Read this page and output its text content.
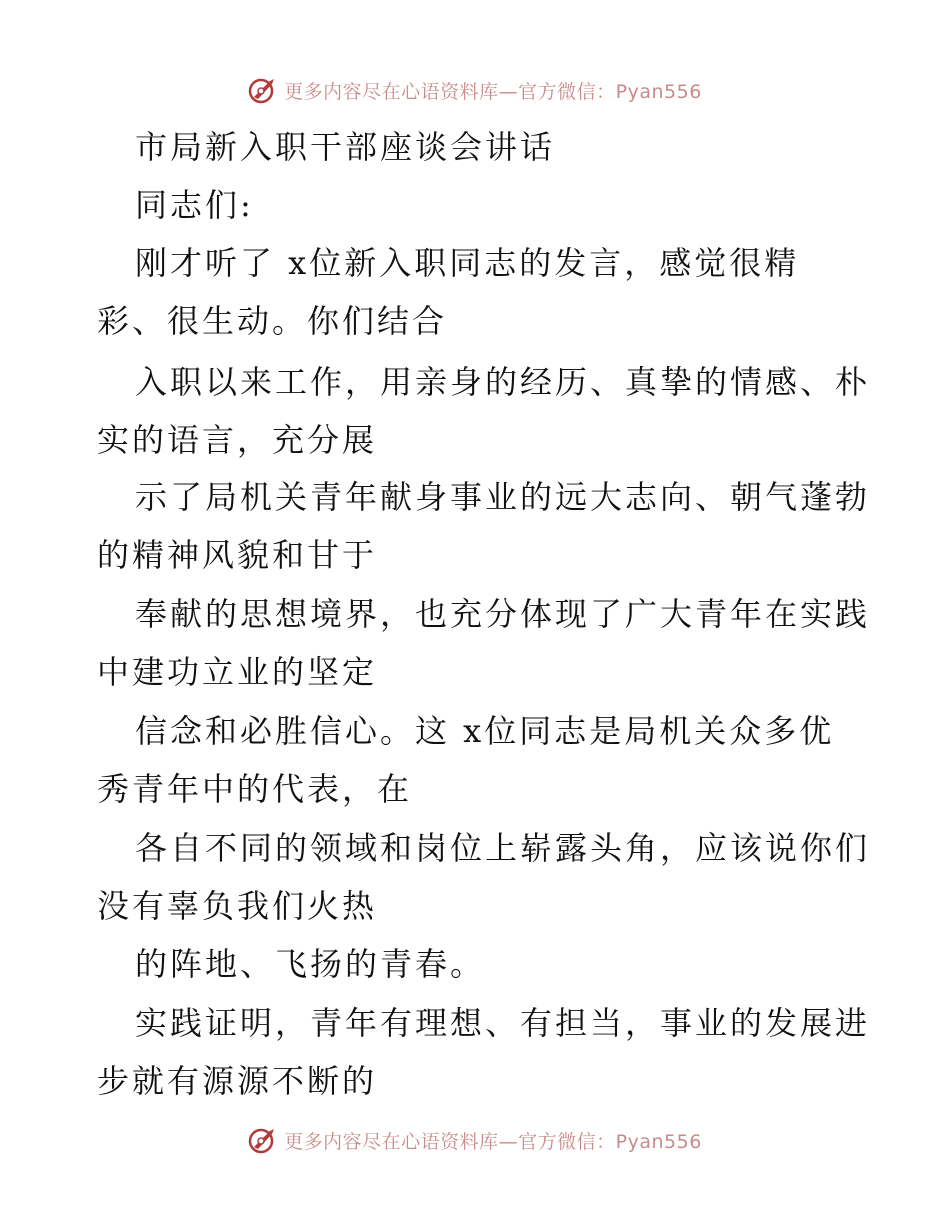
更多内容尽在心语资料库—官方微信：Pyan556
市局新入职干部座谈会讲话
同志们:
刚才听了 x位新入职同志的发言，感觉很精
彩、很生动。你们结合
入职以来工作，用亲身的经历、真挚的情感、朴
实的语言，充分展
示了局机关青年献身事业的远大志向、朝气蓬勃
的精神风貌和甘于
奉献的思想境界，也充分体现了广大青年在实践
中建功立业的坚定
信念和必胜信心。这 x位同志是局机关众多优
秀青年中的代表，在
各自不同的领域和岗位上崭露头角，应该说你们
没有辜负我们火热
的阵地、飞扬的青春。
实践证明，青年有理想、有担当，事业的发展进
步就有源源不断的
更多内容尽在心语资料库—官方微信：Pyan556
